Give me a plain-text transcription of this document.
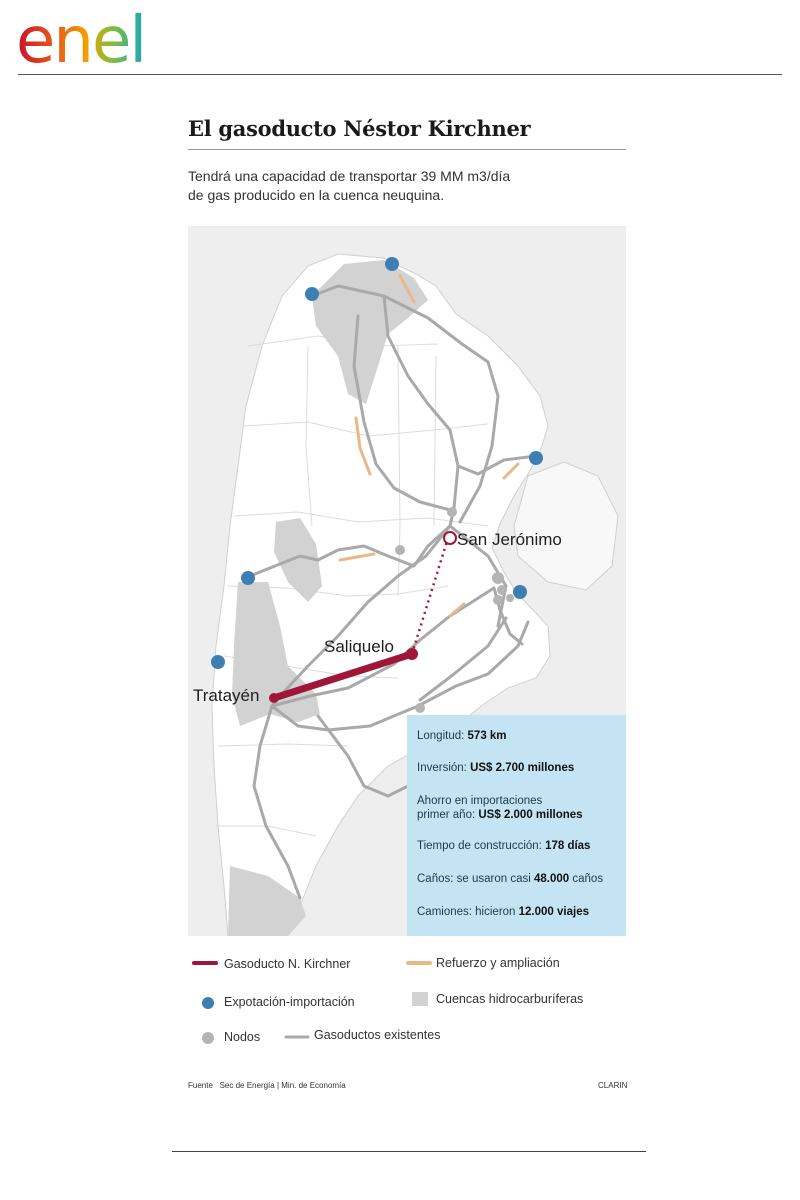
enel
El gasoducto Néstor Kirchner
Tendrá una capacidad de transportar 39 MM m3/día
de gas producido en la cuenca neuquina.
San Jerónimo
Saliquelo
Tratayén
Longitud: 573 km
Inversión: US$ 2.700 millones
Ahorro en importaciones
primer año: US$ 2.000 millones
Tiempo de construcción: 178 días
Caños: se usaron casi 48.000 caños
Camiones: hicieron 12.000 viajes
Gasoducto N. Kirchner	Refuerzo y ampliación
Expotación-importación	Cuencas hidrocarburíferas
Nodos	Gasoductos existentes
Fuente Sec de Energía | Min. de Economía	CLARIN
